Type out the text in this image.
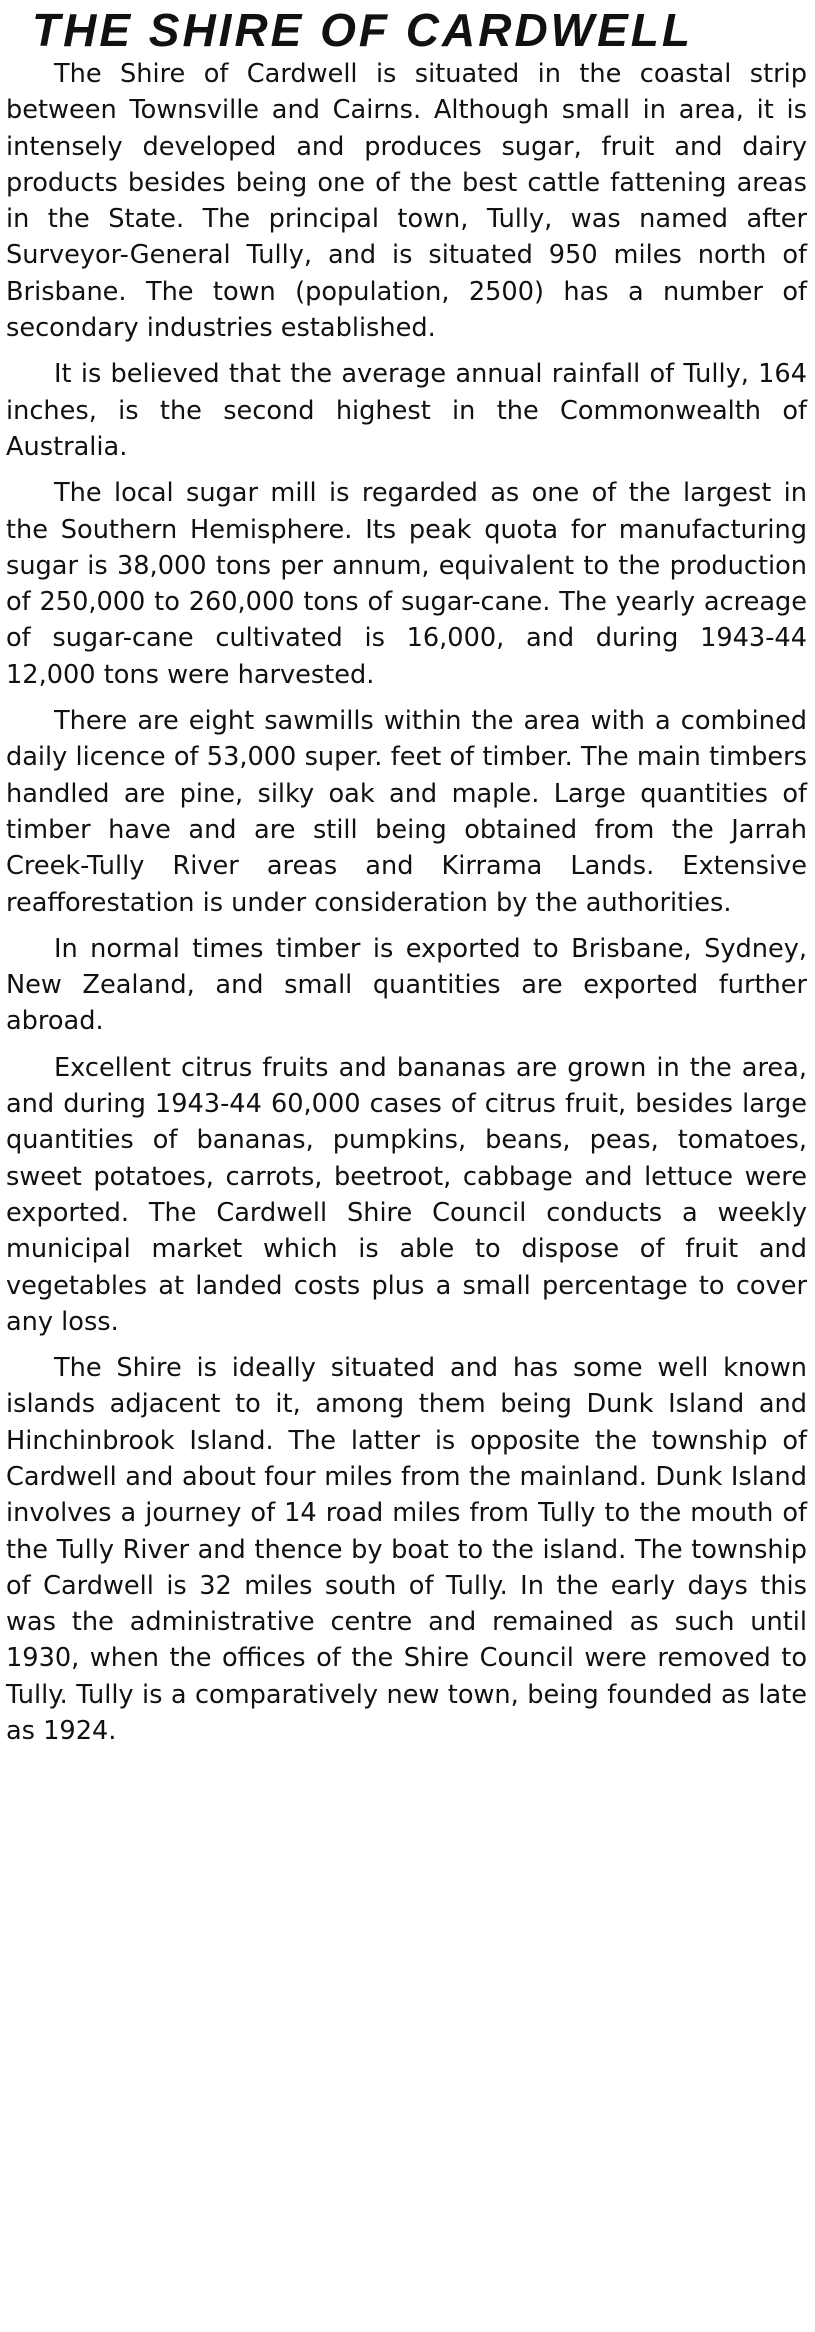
THE SHIRE OF CARDWELL

The Shire of Cardwell is situated in the coastal strip between Townsville and Cairns. Although small in area, it is intensely developed and produces sugar, fruit and dairy products besides being one of the best cattle fattening areas in the State. The principal town, Tully, was named after Surveyor-General Tully, and is situated 950 miles north of Brisbane. The town (population, 2500) has a number of secondary industries established.

It is believed that the average annual rainfall of Tully, 164 inches, is the second highest in the Commonwealth of Australia.

The local sugar mill is regarded as one of the largest in the Southern Hemisphere. Its peak quota for manufacturing sugar is 38,000 tons per annum, equivalent to the production of 250,000 to 260,000 tons of sugar-cane. The yearly acreage of sugar-cane cultivated is 16,000, and during 1943-44 12,000 tons were harvested.

There are eight sawmills within the area with a combined daily licence of 53,000 super. feet of timber. The main timbers handled are pine, silky oak and maple. Large quantities of timber have and are still being obtained from the Jarrah Creek-Tully River areas and Kirrama Lands. Extensive reafforestation is under consideration by the authorities.

In normal times timber is exported to Brisbane, Sydney, New Zealand, and small quantities are exported further abroad.

Excellent citrus fruits and bananas are grown in the area, and during 1943-44 60,000 cases of citrus fruit, besides large quantities of bananas, pumpkins, beans, peas, tomatoes, sweet potatoes, carrots, beetroot, cabbage and lettuce were exported. The Cardwell Shire Council conducts a weekly municipal market which is able to dispose of fruit and vegetables at landed costs plus a small percentage to cover any loss.

The Shire is ideally situated and has some well known islands adjacent to it, among them being Dunk Island and Hinchinbrook Island. The latter is opposite the township of Cardwell and about four miles from the mainland. Dunk Island involves a journey of 14 road miles from Tully to the mouth of the Tully River and thence by boat to the island. The township of Cardwell is 32 miles south of Tully. In the early days this was the administrative centre and remained as such until 1930, when the offices of the Shire Council were removed to Tully. Tully is a comparatively new town, being founded as late as 1924.
